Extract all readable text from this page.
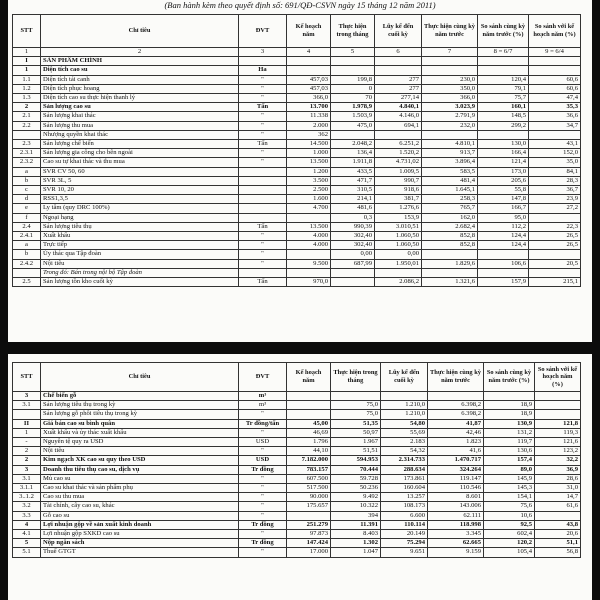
(Ban hành kèm theo quyết định số: 691/QĐ-CSVN ngày 15 tháng 12 năm 2011)
STT	Chỉ tiêu	ĐVT	Kế hoạch năm	Thực hiện trong tháng	Lũy kế đến cuối kỳ	Thực hiện cùng kỳ năm trước	So sánh cùng kỳ năm trước (%)	So sánh với kế hoạch năm (%)
1	2	3	4	5	6	7	8 = 6/7	9 = 6/4
I	SẢN PHẨM CHÍNH							
1	Diện tích cao su	Ha						
1.1	Diện tích tái canh	"	457,03	199,8	277	230,0	120,4	60,6
1.2	Diện tích phục hoang	"	457,03	0	277	350,0	79,1	60,6
1.3	Diện tích cao su thực hiện thanh lý	"	366,0	70	277,14	366,0	75,7	47,4
2	Sản lượng cao su	Tấn	13.700	1.978,9	4.840,1	3.023,9	160,1	35,3
2.1	Sản lượng khai thác	"	11.338	1.503,9	4.146,0	2.791,9	148,5	36,6
2.2	Sản lượng thu mua	"	2.000	475,0	694,1	232,0	299,2	34,7
	Nhượng quyền khai thác	"	362					
2.3	Sản lượng chế biến	Tấn	14.500	2.048,2	6.251,2	4.810,1	130,0	43,1
2.3.1	Sản lượng gia công cho bên ngoài	"	1.000	136,4	1.520,2	913,7	166,4	152,0
2.3.2	Cao su tự khai thác và thu mua	"	13.500	1.911,8	4.731,02	3.896,4	121,4	35,0
a	SVR CV 50, 60		1.200	433,5	1.009,5	583,5	173,0	84,1
b	SVR 3L, 5		3.500	471,7	990,7	481,4	205,6	28,3
c	SVR 10, 20		2.500	310,5	918,6	1.645,1	55,8	36,7
d	RSS1,3,5		1.600	214,1	381,7	258,3	147,8	23,9
e	Ly tâm (quy DRC 100%)		4.700	481,6	1.276,6	765,7	166,7	27,2
f	Ngoại hạng			0,3	153,9	162,0	95,0	
2.4	Sản lượng tiêu thụ	Tấn	13.500	990,39	3.010,51	2.682,4	112,2	22,3
2.4.1	Xuất khẩu	"	4.000	302,40	1.060,50	852,8	124,4	26,5
a	Trực tiếp	"	4.000	302,40	1.060,50	852,8	124,4	26,5
b	Ủy thác qua Tập đoàn	"		0,00	0,00			
2.4.2	Nội tiêu	"	9.500	687,99	1.950,01	1.829,6	106,6	20,5
	Trong đó: Bán trong nội bộ Tập đoàn							
2.5	Sản lượng tồn kho cuối kỳ	Tấn	970,0		2.086,2	1.321,6	157,9	215,1
STT	Chỉ tiêu	ĐVT	Kế hoạch năm	Thực hiện trong tháng	Lũy kế đến cuối kỳ	Thực hiện cùng kỳ năm trước	So sánh cùng kỳ năm trước (%)	So sánh với kế hoạch năm (%)
3	Chế biến gỗ	m³						
3.1	Sản lượng tiêu thụ trong kỳ	m³		75,0	1.210,0	6.398,2	18,9	
	Sản lượng gỗ phôi tiêu thụ trong kỳ	"		75,0	1.210,0	6.398,2	18,9	
II	Giá bán cao su bình quân	Tr đồng/tấn	45,00	51,35	54,80	41,87	130,9	121,8
1	Xuất khẩu và ủy thác xuất khẩu	"	46,69	50,97	55,69	42,46	131,2	119,3
-	Nguyên tệ quy ra USD	USD	1.796	1.967	2.183	1.823	119,7	121,6
2	Nội tiêu	"	44,10	51,51	54,32	41,6	130,6	123,2
2	Kim ngạch XK cao su quy theo USD	USD	7.182.000	594.953	2.314.733	1.470.717	157,4	32,2
3	Doanh thu tiêu thụ cao su, dịch vụ	Tr đồng	783.157	70.444	288.634	324.264	89,0	36,9
3.1	Mủ cao su	"	607.500	59.728	173.861	119.147	145,9	28,6
3.1.1	Cao su khai thác và sản phẩm phụ	"	517.500	50.236	160.604	110.546	145,3	31,0
3..1.2	Cao su thu mua	"	90.000	9.492	13.257	8.601	154,1	14,7
3.2	Tài chính, cây cao su, khác	"	175.657	10.322	108.173	143.006	75,6	61,6
3.3	Gỗ cao su	"		394	6.600	62.111	10,6	
4	Lợi nhuận gộp về sản xuất kinh doanh	Tr đồng	251.279	11.391	110.114	118.998	92,5	43,8
4.1	Lợi nhuận gộp SXKD cao su	"	97.873	8.403	20.149	3.345	602,4	20,6
5	Nộp ngân sách	Tr đồng	147.424	1.302	75.294	62.665	120,2	51,1
5.1	Thuế GTGT	"	17.000	1.047	9.651	9.159	105,4	56,8
